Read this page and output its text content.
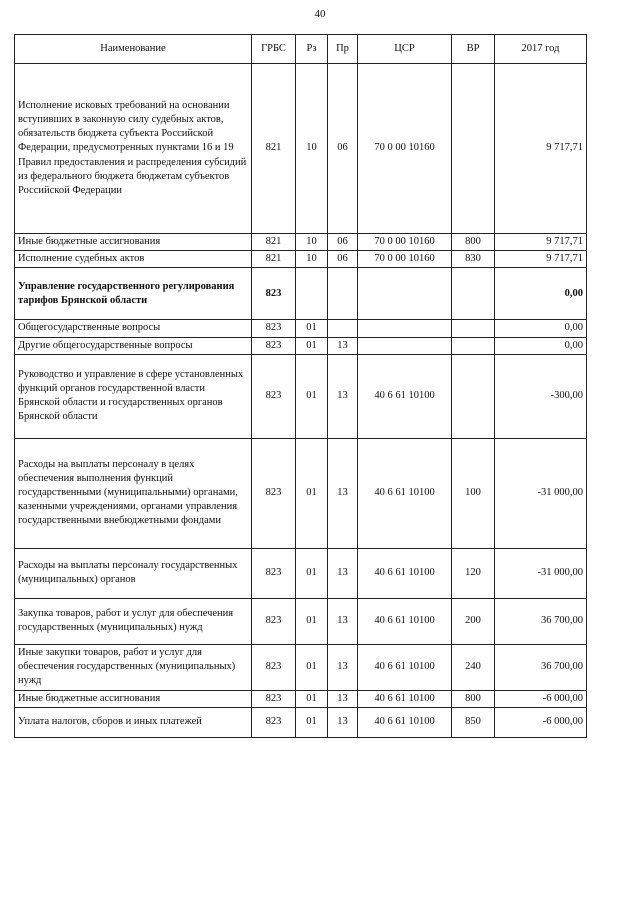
40
Наименование	ГРБС	Рз	Пр	ЦСР	ВР	2017 год
Исполнение исковых требований на основании вступивших в законную силу судебных актов, обязательств бюджета субъекта Российской Федерации, предусмотренных пунктами 16 и 19 Правил предоставления и распределения субсидий из федерального бюджета бюджетам субъектов Российской Федерации	821	10	06	70 0 00 10160		9 717,71
Иные бюджетные ассигнования	821	10	06	70 0 00 10160	800	9 717,71
Исполнение судебных актов	821	10	06	70 0 00 10160	830	9 717,71
Управление государственного регулирования тарифов Брянской области	823					0,00
Общегосударственные вопросы	823	01				0,00
Другие общегосударственные вопросы	823	01	13			0,00
Руководство и управление в сфере установленных функций органов государственной власти Брянской области и государственных органов Брянской области	823	01	13	40 6 61 10100		-300,00
Расходы на выплаты персоналу в целях обеспечения выполнения функций государственными (муниципальными) органами, казенными учреждениями, органами управления государственными внебюджетными фондами	823	01	13	40 6 61 10100	100	-31 000,00
Расходы на выплаты персоналу государственных (муниципальных) органов	823	01	13	40 6 61 10100	120	-31 000,00
Закупка товаров, работ и услуг для обеспечения государственных (муниципальных) нужд	823	01	13	40 6 61 10100	200	36 700,00
Иные закупки товаров, работ и услуг для обеспечения государственных (муниципальных) нужд	823	01	13	40 6 61 10100	240	36 700,00
Иные бюджетные ассигнования	823	01	13	40 6 61 10100	800	-6 000,00
Уплата налогов, сборов и иных платежей	823	01	13	40 6 61 10100	850	-6 000,00
